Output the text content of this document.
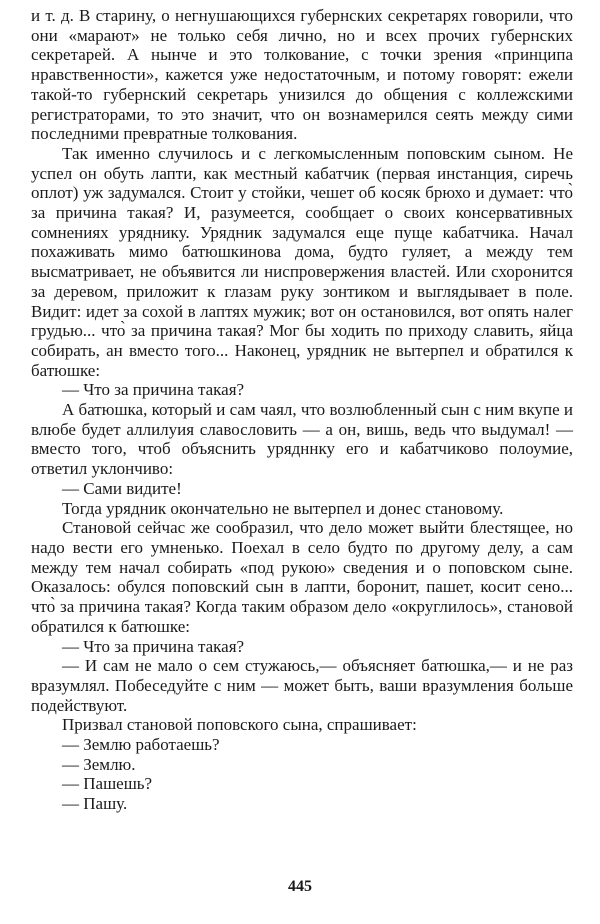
и т. д. В старину, о негнушающихся губернских секретарях говорили, что они «марают» не только себя лично, но и всех прочих губернских секретарей. А нынче и это толкование, с точки зрения «принципа нравственности», кажется уже недостаточным, и потому говорят: ежели такой-то губернский секретарь унизился до общения с коллежскими регистраторами, то это значит, что он вознамерился сеять между сими последними превратные толкования.

Так именно случилось и с легкомысленным поповским сыном. Не успел он обуть лапти, как местный кабатчик (первая инстанция, сиречь оплот) уж задумался. Стоит у стойки, чешет об косяк брюхо и думает: что̀ за причина такая? И, разумеется, сообщает о своих консервативных сомнениях уряднику. Урядник задумался еще пуще кабатчика. Начал похаживать мимо батюшкинова дома, будто гуляет, а между тем высматривает, не объявится ли ниспровержения властей. Или схоронится за деревом, приложит к глазам руку зонтиком и выглядывает в поле. Видит: идет за сохой в лаптях мужик; вот он остановился, вот опять налег грудью... что̀ за причина такая? Мог бы ходить по приходу славить, яйца собирать, ан вместо того... Наконец, урядник не вытерпел и обратился к батюшке:

— Что за причина такая?

А батюшка, который и сам чаял, что возлюбленный сын с ним вкупе и влюбе будет аллилуия славословить — а он, вишь, ведь что выдумал! — вместо того, чтоб объяснить урядннку его и кабатчиково полоумие, ответил уклончиво:

— Сами видите!

Тогда урядник окончательно не вытерпел и донес становому.

Становой сейчас же сообразил, что дело может выйти блестящее, но надо вести его умненько. Поехал в село будто по другому делу, а сам между тем начал собирать «под рукою» сведения и о поповском сыне. Оказалось: обулся поповский сын в лапти, боронит, пашет, косит сено... что̀ за причина такая? Когда таким образом дело «округлилось», становой обратился к батюшке:

— Что за причина такая?

— И сам не мало о сем стужаюсь,— объясняет батюшка,— и не раз вразумлял. Побеседуйте с ним — может быть, ваши вразумления больше подействуют.

Призвал становой поповского сына, спрашивает:

— Землю работаешь?

— Землю.

— Пашешь?

— Пашу.

445
